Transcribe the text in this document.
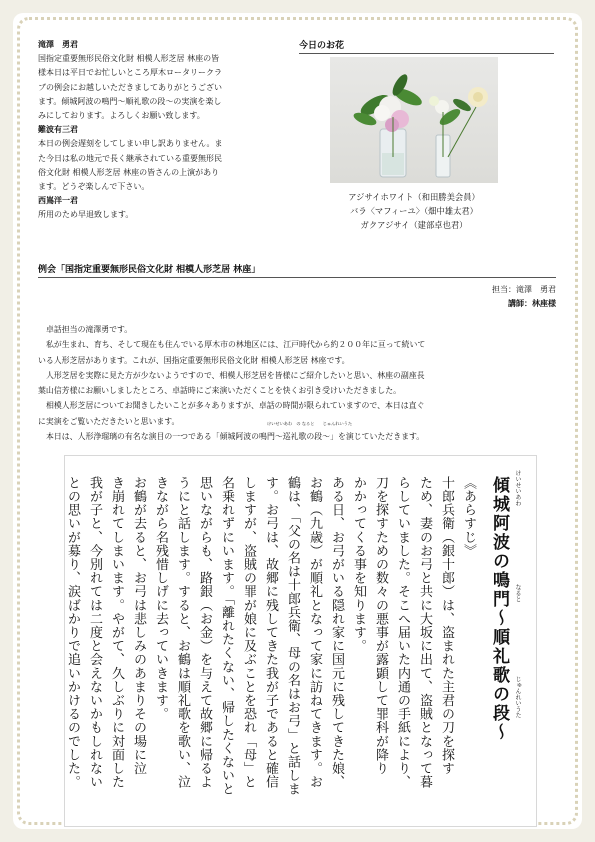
滝澤　勇君
国指定重要無形民俗文化財 相模人形芝居 林座の皆
様本日は平日でお忙しいところ厚木ロータリークラ
ブの例会にお越しいただきましてありがとうござい
ます。傾城阿波の鳴門～順礼歌の段～の実演を楽し
みにしております。よろしくお願い致します。
難波有三君
本日の例会遅刻をしてしまい申し訳ありません。ま
た今日は私の地元で長く継承されている重要無形民
俗文化財 相模人形芝居 林座の皆さんの上演があり
ます。どうぞ楽しんで下さい。
西嶌洋一君
所用のため早退致します。
今日のお花
アジサイホワイト（和田勝美会員）
バラ〈マフィーユ〉（畑中雄太君）
ガクアジサイ（建部卓也君）
例会「国指定重要無形民俗文化財 相模人形芝居 林座」
担当：滝澤　勇君
講師：林座様
卓話担当の滝澤勇です。
私が生まれ、育ち、そして現在も住んでいる厚木市の林地区には、江戸時代から約２００年に亘って続いて
いる人形芝居があります。これが、国指定重要無形民俗文化財 相模人形芝居 林座です。
人形芝居を実際に見た方が少ないようですので、相模人形芝居を皆様にご紹介したいと思い、林座の副座長
葉山信芳様にお願いしましたところ、卓話時にご来演いただくことを快くお引き受けいただきました。
相模人形芝居についてお聞きしたいことが多々ありますが、卓話の時間が限られていますので、本日は直ぐ
に実演をご覧いただきたいと思います。	けいせいあわ　の なると　　じゅんれいうた
本日は、人形浄瑠璃の有名な演目の一つである「傾城阿波の鳴門～巡礼歌の段～」を演じていただきます。
傾城阿波の鳴門～順礼歌の段～ けいせいあわ
なると
じゅんれいうた
《あらすじ》
十郎兵衛（銀十郎）は、盗まれた主君の刀を探す
ため、妻のお弓と共に大坂に出て、盗賊となって暮
らしていました。そこへ届いた内通の手紙により、
刀を探すための数々の悪事が露顕して罪科が降り
かかってくる事を知ります。
ある日、お弓がいる隠れ家に国元に残してきた娘、
お鶴（九歳）が順礼となって家に訪ねてきます。お
鶴は、「父の名は十郎兵衛、母の名はお弓」と話しま
す。お弓は、故郷に残してきた我が子であると確信
しますが、盗賊の罪が娘に及ぶことを恐れ「母」と
名乗れずにいます。「離れたくない、帰したくないと
思いながらも、路銀（お金）を与えて故郷に帰るよ
うにと話します。すると、お鶴は順礼歌を歌い、泣
きながら名残惜しげに去っていきます。
お鶴が去ると、お弓は悲しみのあまりその場に泣
き崩れてしまいます。やがて、久しぶりに対面した
我が子と、今別れては二度と会えないかもしれない
との思いが募り、涙ばかりで追いかけるのでした。
